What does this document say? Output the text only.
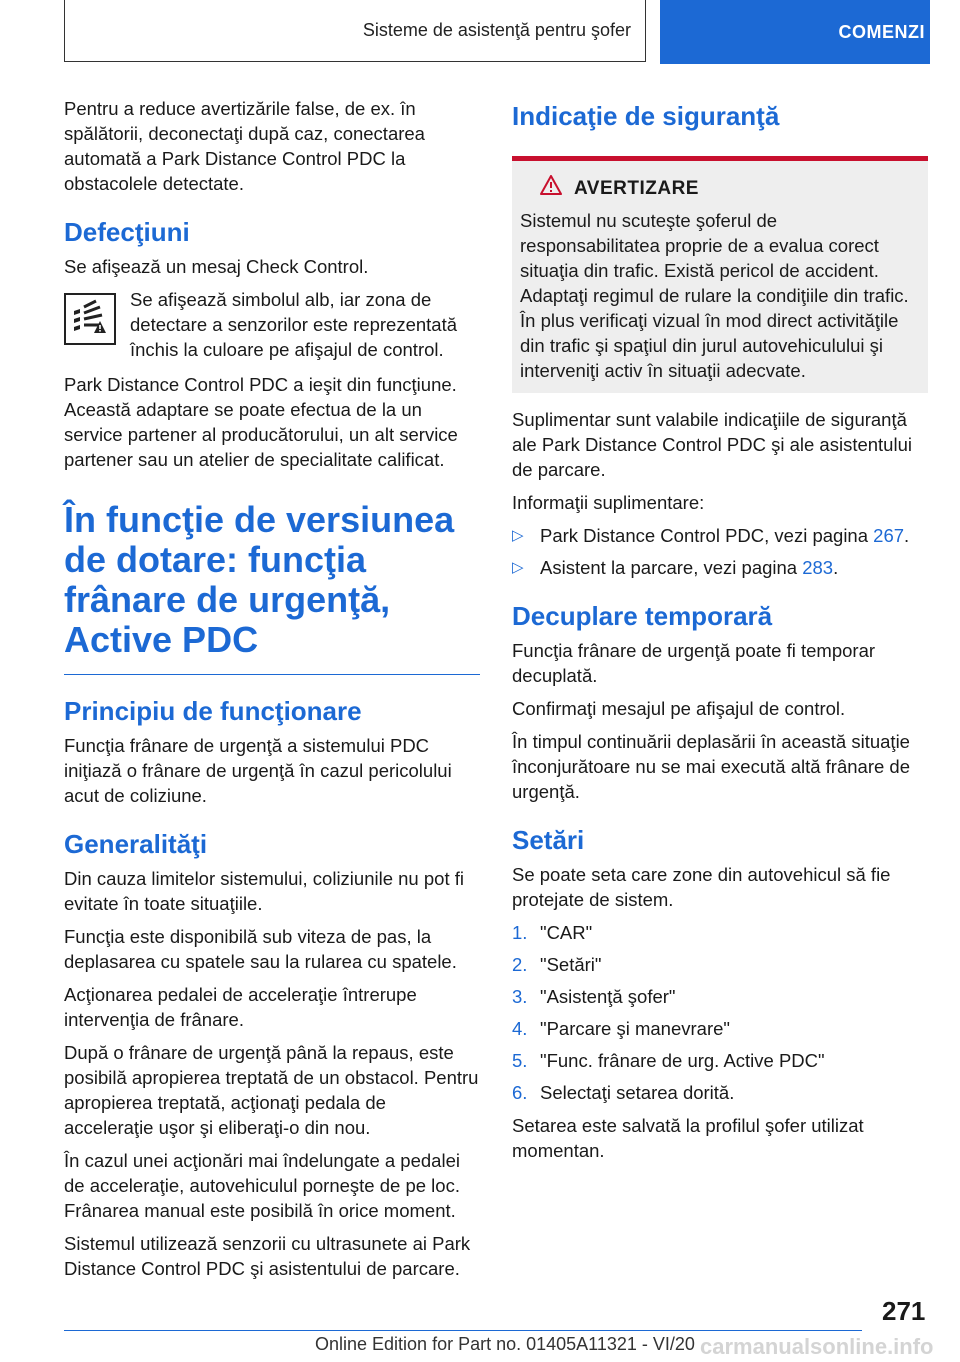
Sisteme de asistenţă pentru şofer	COMENZI

Pentru a reduce avertizările false, de ex. în spălătorii, deconectaţi după caz, conectarea automată a Park Distance Control PDC la obstacolele detectate.

Defecţiuni

Se afişează un mesaj Check Control.

Se afişează simbolul alb, iar zona de detectare a senzorilor este reprezentată închis la culoare pe afişajul de control.

Park Distance Control PDC a ieşit din funcţiune. Această adaptare se poate efectua de la un service partener al producătorului, un alt service partener sau un atelier de specialitate calificat.

În funcţie de versiunea de dotare: funcţia frânare de urgenţă, Active PDC
Principiu de funcţionare

Funcţia frânare de urgenţă a sistemului PDC iniţiază o frânare de urgenţă în cazul pericolului acut de coliziune.

Generalităţi

Din cauza limitelor sistemului, coliziunile nu pot fi evitate în toate situaţiile.

Funcţia este disponibilă sub viteza de pas, la deplasarea cu spatele sau la rularea cu spatele.

Acţionarea pedalei de acceleraţie întrerupe intervenţia de frânare.

După o frânare de urgenţă până la repaus, este posibilă apropierea treptată de un obstacol. Pentru apropierea treptată, acţionaţi pedala de acceleraţie uşor şi eliberaţi-o din nou.

În cazul unei acţionări mai îndelungate a pedalei de acceleraţie, autovehiculul porneşte de pe loc. Frânarea manual este posibilă în orice moment.

Sistemul utilizează senzorii cu ultrasunete ai Park Distance Control PDC şi asistentului de parcare.

Indicaţie de siguranţă
AVERTIZARE

Sistemul nu scuteşte şoferul de responsabilitatea proprie de a evalua corect situaţia din trafic. Există pericol de accident. Adaptaţi regimul de rulare la condiţiile din trafic. În plus verificaţi vizual în mod direct activităţile din trafic şi spaţiul din jurul autovehiculului şi interveniţi activ în situaţii adecvate.

Suplimentar sunt valabile indicaţiile de siguranţă ale Park Distance Control PDC şi ale asistentului de parcare.

Informaţii suplimentare:

▷ Park Distance Control PDC, vezi pagina 267.
▷ Asistent la parcare, vezi pagina 283.
Decuplare temporară

Funcţia frânare de urgenţă poate fi temporar decuplată.

Confirmaţi mesajul pe afişajul de control.

În timpul continuării deplasării în această situaţie înconjurătoare nu se mai execută altă frânare de urgenţă.

Setări

Se poate seta care zone din autovehicul să fie protejate de sistem.

1. "CAR"
2. "Setări"
3. "Asistenţă şofer"
4. "Parcare şi manevrare"
5. "Func. frânare de urg. Active PDC"
6. Selectaţi setarea dorită.

Setarea este salvată la profilul şofer utilizat momentan.

271
Online Edition for Part no. 01405A11321 - VI/20 carmanualsonline.info
